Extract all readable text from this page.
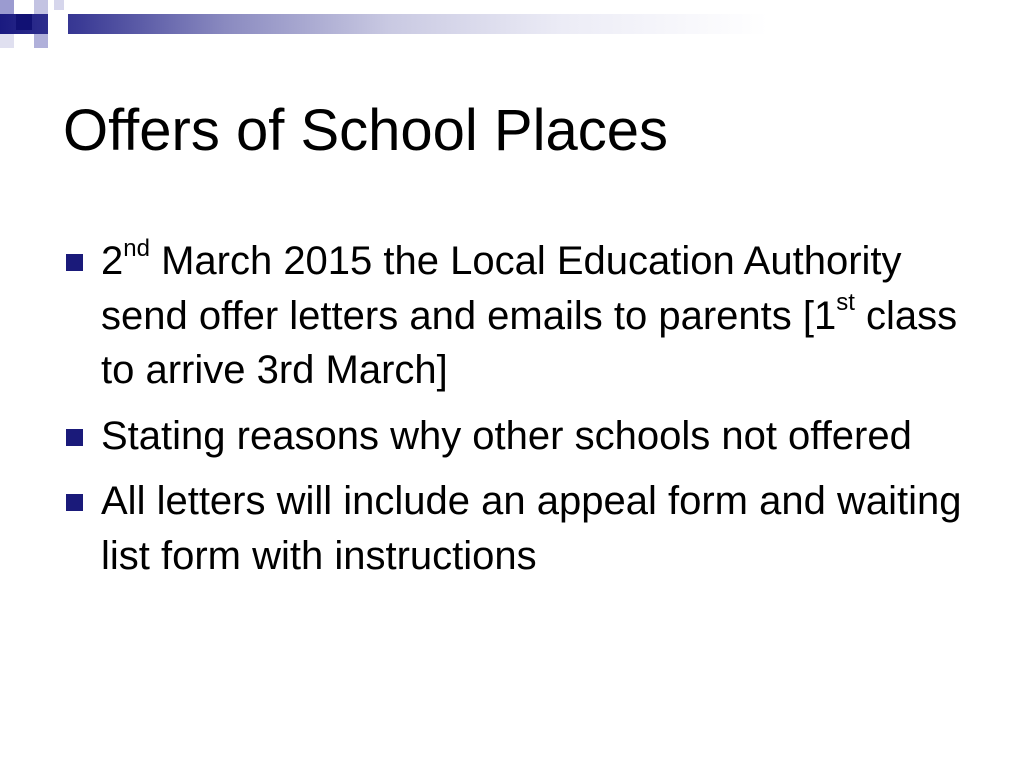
Offers of School Places
2nd March 2015 the Local Education Authority send offer letters and emails to parents [1st class to arrive 3rd March]
Stating reasons why other schools not offered
All letters will include an appeal form and waiting list form with instructions
